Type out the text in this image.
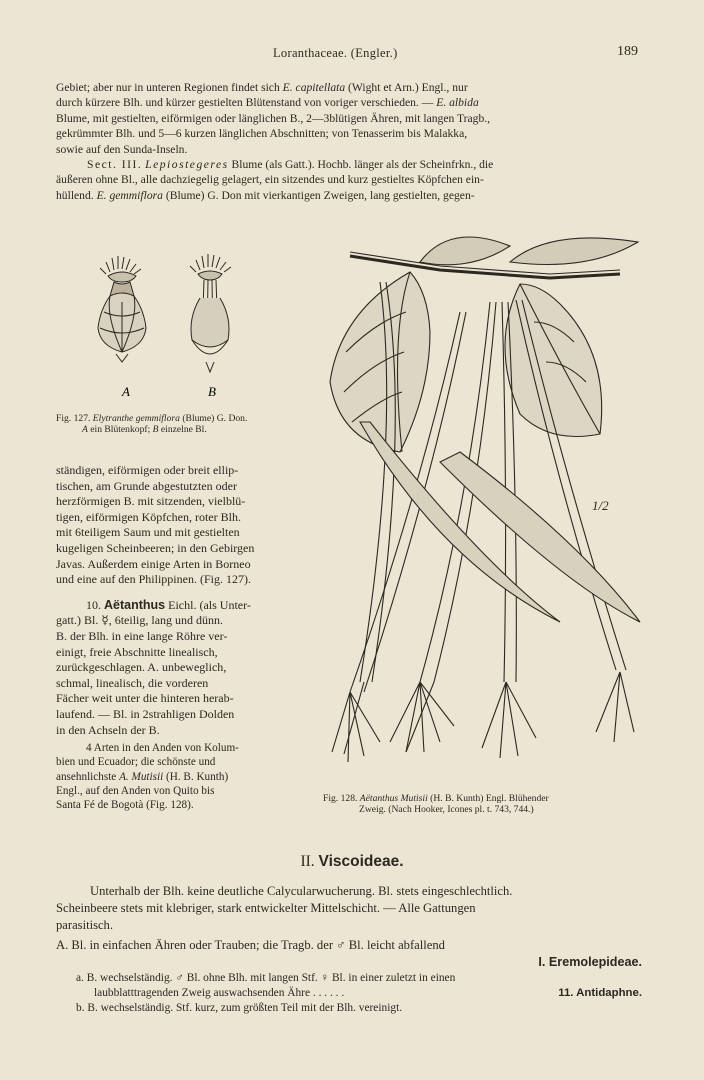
Loranthaceae. (Engler.)	189

Gebiet; aber nur in unteren Regionen findet sich E. capitellata (Wight et Arn.) Engl., nur

durch kürzere Blh. und kürzer gestielten Blütenstand von voriger verschieden. — E. albida

Blume, mit gestielten, eiförmigen oder länglichen B., 2—3blütigen Ähren, mit langen Tragb.,

gekrümmter Blh. und 5—6 kurzen länglichen Abschnitten; von Tenasserim bis Malakka,

sowie auf den Sunda-Inseln.

Sect. III. Lepiostegeres Blume (als Gatt.). Hochb. länger als der Scheinfrkn., die

äußeren ohne Bl., alle dachziegelig gelagert, ein sitzendes und kurz gestieltes Köpfchen ein-

hüllend. E. gemmiflora (Blume) G. Don mit vierkantigen Zweigen, lang gestielten, gegen-

A	B
Fig. 127. Elytranthe gemmiflora (Blume) G. Don.
A ein Blütenkopf; B einzelne Bl.
1/2
Fig. 128. Aëtanthus Mutisii (H. B. Kunth) Engl. Blühender
Zweig. (Nach Hooker, Icones pl. t. 743, 744.)

ständigen, eiförmigen oder breit ellip-

tischen, am Grunde abgestutzten oder

herzförmigen B. mit sitzenden, vielblü-

tigen, eiförmigen Köpfchen, roter Blh.

mit 6teiligem Saum und mit gestielten

kugeligen Scheinbeeren; in den Gebirgen

Javas. Außerdem einige Arten in Borneo

und eine auf den Philippinen. (Fig. 127).

10. Aëtanthus Eichl. (als Unter-

gatt.) Bl. ☿, 6teilig, lang und dünn.

B. der Blh. in eine lange Röhre ver-

einigt, freie Abschnitte linealisch,

zurückgeschlagen. A. unbeweglich,

schmal, linealisch, die vorderen

Fächer weit unter die hinteren herab-

laufend. — Bl. in 2strahligen Dolden

in den Achseln der B.

4 Arten in den Anden von Kolum-

bien und Ecuador; die schönste und

ansehnlichste A. Mutisii (H. B. Kunth)

Engl., auf den Anden von Quito bis

Santa Fé de Bogotà (Fig. 128).

II. Viscoideae.

Unterhalb der Blh. keine deutliche Calycularwucherung. Bl. stets eingeschlechtlich.

Scheinbeere stets mit klebriger, stark entwickelter Mittelschicht. — Alle Gattungen

parasitisch.

A. Bl. in einfachen Ähren oder Trauben; die Tragb. der ♂ Bl. leicht abfallend

I. Eremolepideae.

a. B. wechselständig. ♂ Bl. ohne Blh. mit langen Stf. ♀ Bl. in einer zuletzt in einen

laubblatttragenden Zweig auswachsenden Ähre . . . . . .	11. Antidaphne.

b. B. wechselständig. Stf. kurz, zum größten Teil mit der Blh. vereinigt.
